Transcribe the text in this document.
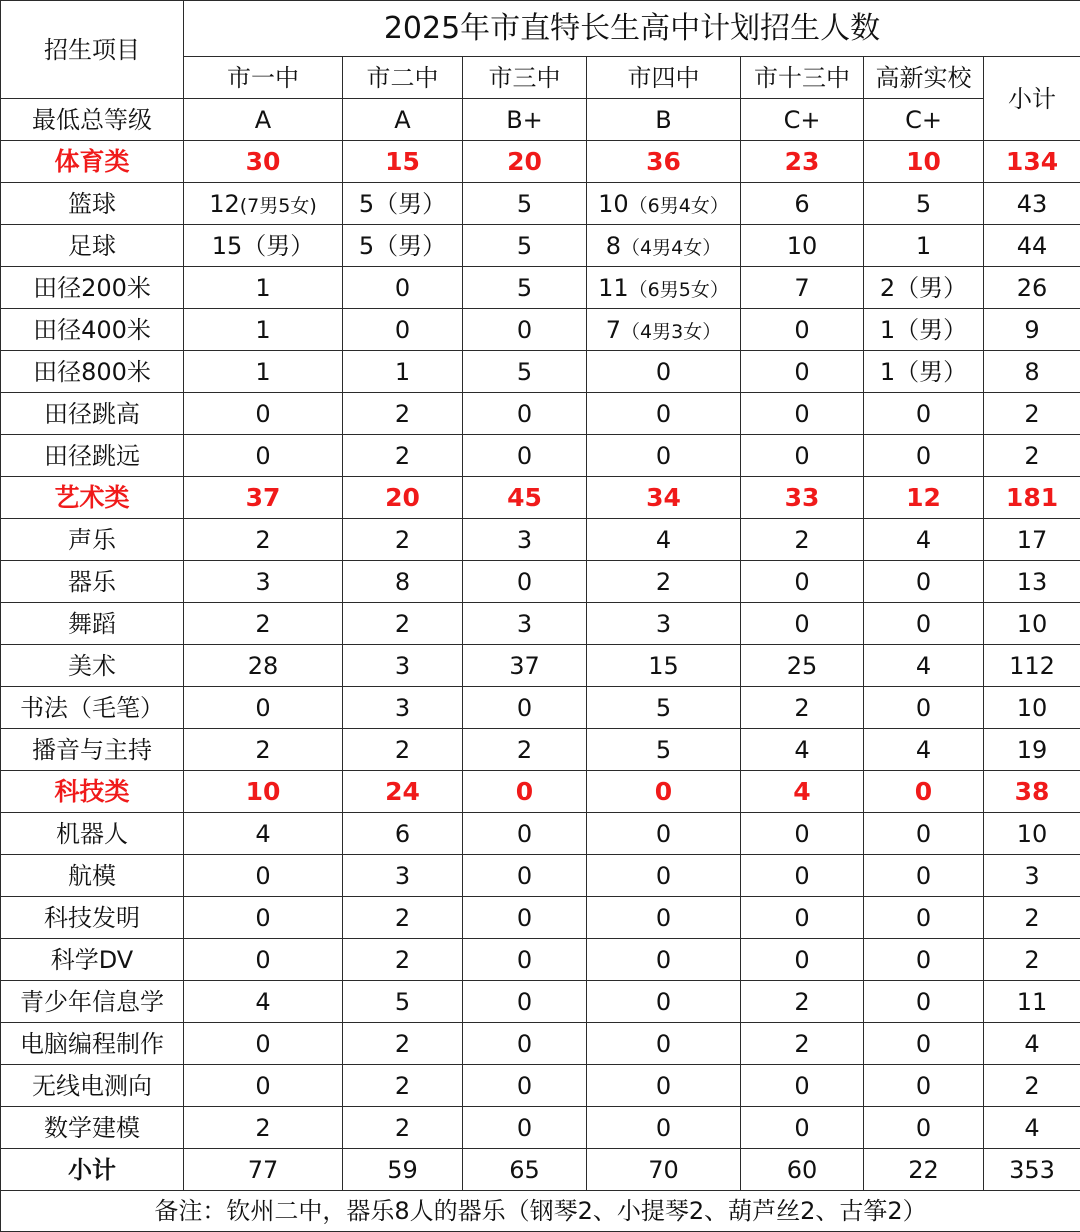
招生项目	2025年市直特长生高中计划招生人数						
	市一中	市二中	市三中	市四中	市十三中	高新实校	小计
最低总等级	A	A	B+	B	C+	C+	
体育类	30	15	20	36	23	10	134
篮球	12(7男5女)	5（男）	5	10（6男4女）	6	5	43
足球	15（男）	5（男）	5	8（4男4女）	10	1	44
田径200米	1	0	5	11（6男5女）	7	2（男）	26
田径400米	1	0	0	7（4男3女）	0	1（男）	9
田径800米	1	1	5	0	0	1（男）	8
田径跳高	0	2	0	0	0	0	2
田径跳远	0	2	0	0	0	0	2
艺术类	37	20	45	34	33	12	181
声乐	2	2	3	4	2	4	17
器乐	3	8	0	2	0	0	13
舞蹈	2	2	3	3	0	0	10
美术	28	3	37	15	25	4	112
书法（毛笔）	0	3	0	5	2	0	10
播音与主持	2	2	2	5	4	4	19
科技类	10	24	0	0	4	0	38
机器人	4	6	0	0	0	0	10
航模	0	3	0	0	0	0	3
科技发明	0	2	0	0	0	0	2
科学DV	0	2	0	0	0	0	2
青少年信息学	4	5	0	0	2	0	11
电脑编程制作	0	2	0	0	2	0	4
无线电测向	0	2	0	0	0	0	2
数学建模	2	2	0	0	0	0	4
小计	77	59	65	70	60	22	353
备注：钦州二中，器乐8人的器乐（钢琴2、小提琴2、葫芦丝2、古筝2）							
